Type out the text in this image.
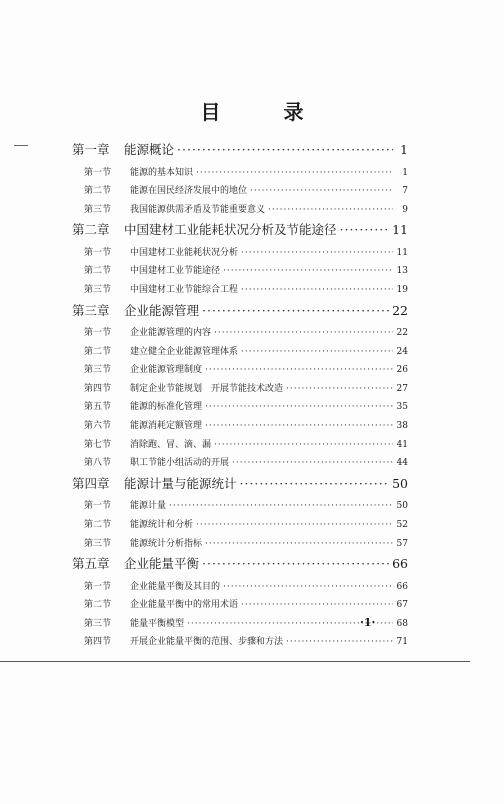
目 录
第一章	能源概论 ·····	1
第一节	能源的基本知识 ·····	1
第二节	能源在国民经济发展中的地位 ·····	7
第三节	我国能源供需矛盾及节能重要意义 ·····	9
第二章	中国建材工业能耗状况分析及节能途径 ·····	11
第一节	中国建材工业能耗状况分析 ·····	11
第二节	中国建材工业节能途径 ·····	13
第三节	中国建材工业节能综合工程 ·····	19
第三章	企业能源管理 ·····	22
第一节	企业能源管理的内容 ·····	22
第二节	建立健全企业能源管理体系 ·····	24
第三节	企业能源管理制度 ·····	26
第四节	制定企业节能规划　开展节能技术改造 ·····	27
第五节	能源的标准化管理 ·····	35
第六节	能源消耗定额管理 ·····	38
第七节	消除跑、冒、滴、漏 ·····	41
第八节	职工节能小组活动的开展 ·····	44
第四章	能源计量与能源统计 ·····	50
第一节	能源计量 ·····	50
第二节	能源统计和分析 ·····	52
第三节	能源统计分析指标 ·····	57
第五章	企业能量平衡 ·····	66
第一节	企业能量平衡及其目的 ·····	66
第二节	企业能量平衡中的常用术语 ·····	67
第三节	能量平衡模型 ·····	68
第四节	开展企业能量平衡的范围、步骤和方法 ·····	71
·1·
